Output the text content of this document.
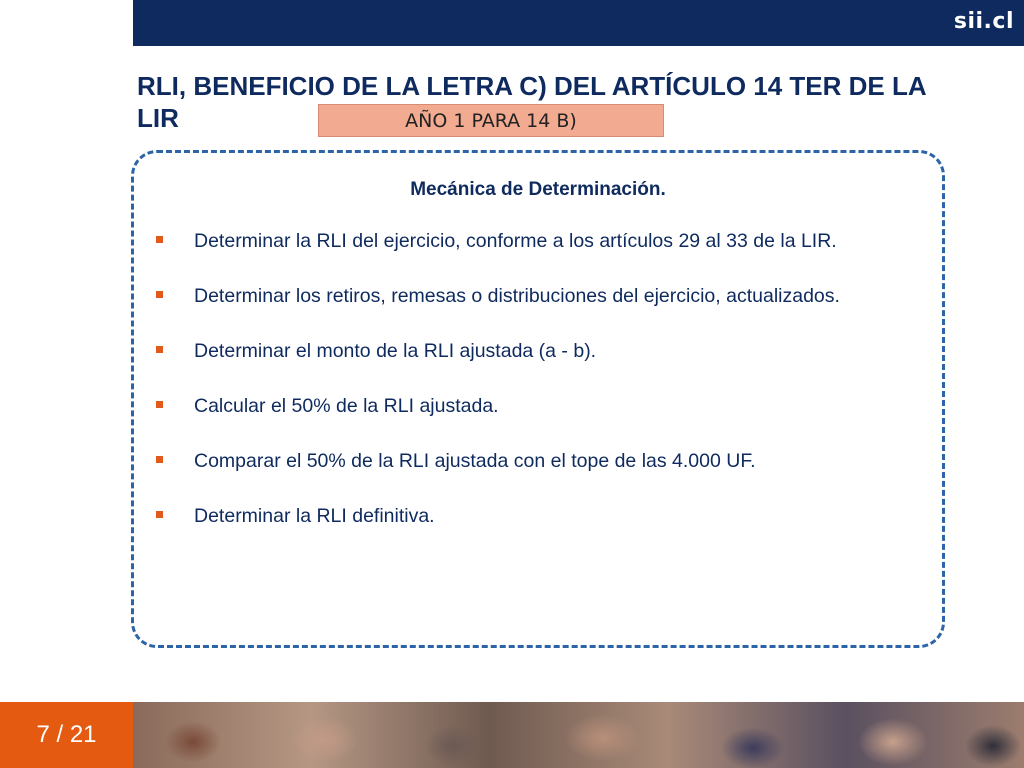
sii.cl
RLI, BENEFICIO DE LA LETRA C) DEL ARTÍCULO 14 TER DE LA LIR	AÑO 1 PARA 14 B)
Mecánica de Determinación.
Determinar la RLI del ejercicio, conforme a los artículos 29 al 33 de la LIR.
Determinar los retiros, remesas o distribuciones del ejercicio, actualizados.
Determinar el monto de la RLI ajustada (a - b).
Calcular el 50% de la RLI ajustada.
Comparar el 50% de la RLI ajustada con el tope de las 4.000 UF.
Determinar la RLI definitiva.
7 / 21
